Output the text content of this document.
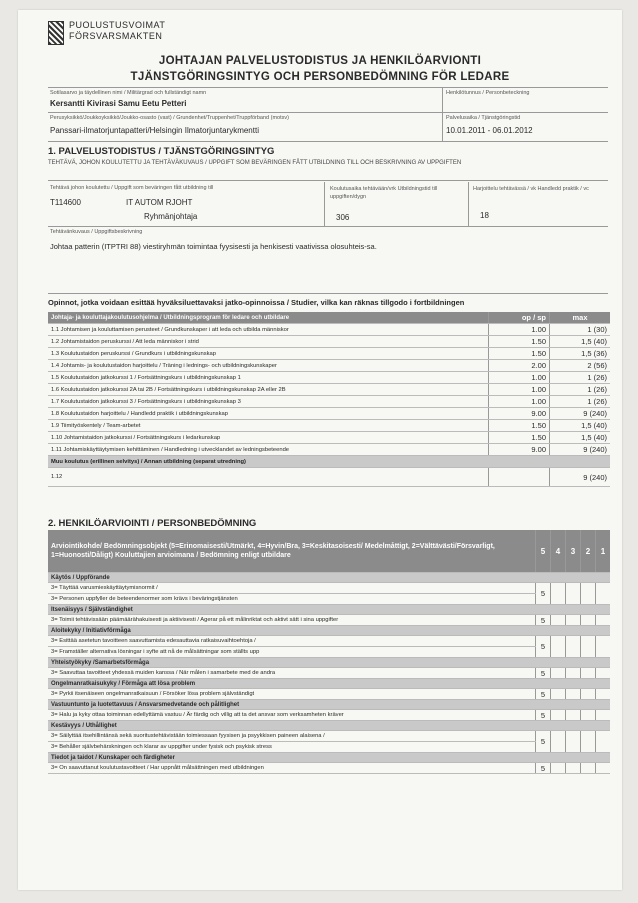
PUOLUSTUSVOIMAT
FÖRSVARSMAKTEN
JOHTAJAN PALVELUSTODISTUS JA HENKILÖARVIONTI
TJÄNSTGÖRINGSINTYG OCH PERSONBEDÖMNING FÖR LEDARE
Sotilasarvo ja täydellinen nimi / Militärgrad och fullständigt namn
Kersantti Kivirasi Samu Eetu Petteri
Henkilötunnus / Personbeteckning
Perusyksikkö/Joukkoyksikkö/Joukko-osasto (vast) / Grundenhet/Truppenhet/Truppförband (motsv)
Panssari-ilmatorjuntapatteri/Helsingin Ilmatorjuntarykmentti
Palvelusaika / Tjänstgöringstid
10.01.2011 - 06.01.2012
1. PALVELUSTODISTUS / TJÄNSTGÖRINGSINTYG
TEHTÄVÄ, JOHON KOULUTETTU JA TEHTÄVÄKUVAUS / UPPGIFT SOM BEVÄRINGEN FÅTT UTBILDNING TILL OCH BESKRIVNING AV UPPGIFTEN
Tehtävä johon koulutettu / Uppgift som beväringen fått utbildning till
T114600	IT AUTOM RJOHT
Ryhmänjohtaja
Koulutusaika tehtävään/vrk Utbildningstid till uppgiften/dygn
306
Harjoittelu tehtävässä / vk Handledd praktik / vc
18
Tehtävänkuvaus / Uppgiftsbeskrivning
Johtaa patterin (ITPTRI 88) viestiryhmän toimintaa fyysisesti ja henkisesti vaativissa olosuhteis-sa.
Opinnot, jotka voidaan esittää hyväksiluettavaksi jatko-opinnoissa / Studier, vilka kan räknas tillgodo i fortbildningen
Johtaja- ja kouluttajakoulutusohjelma / Utbildningsprogram för ledare och utbildare	op / sp	max
1.1 Johtamisen ja kouluttamisen perusteet / Grundkunskaper i att leda och utbilda människor	1.00	1 (30)
1.2 Johtamistaidon peruskurssi / Att leda människor i strid	1.50	1,5 (40)
1.3 Koulutustaidon peruskurssi / Grundkurs i utbildningskunskap	1.50	1,5 (36)
1.4 Johtamis- ja koulutustaidon harjoittelu / Träning i lednings- och utbildningskunskaper	2.00	2 (56)
1.5 Koulutustaidon jatkokurssi 1 / Fortsättningskurs i utbildningskunskap 1	1.00	1 (26)
1.6 Koulutustaidon jatkokurssi 2A tai 2B / Fortsättningskurs i utbildningskunskap 2A eller 2B	1.00	1 (26)
1.7 Koulutustaidon jatkokurssi 3 / Fortsättningskurs i utbildningskunskap 3	1.00	1 (26)
1.8 Koulutustaidon harjoittelu / Handledd praktik i utbildningskunskap	9.00	9 (240)
1.9 Tiimityöskentely / Team-arbetet	1.50	1,5 (40)
1.10 Johtamistaidon jatkokurssi / Fortsättningskurs i ledarkunskap	1.50	1,5 (40)
1.11 Johtamiskäyttäytymisen kehittäminen / Handledning i utvecklandet av ledningsbeteende	9.00	9 (240)
Muu koulutus (erillinen selvitys) / Annan utbildning (separat utredning)		
1.12		9 (240)
2. HENKILÖARVIOINTI / PERSONBEDÖMNING
Arviointikohde/ Bedömningsobjekt (5=Erinomaisesti/Utmärkt, 4=Hyvin/Bra, 3=Keskitasoisesti/ Medelmåttigt, 2=Välttävästi/Försvarligt, 1=Huonosti/Dåligt) Kouluttajien arvioimana / Bedömning enligt utbildare	5	4	3	2	1
Käytös / Uppförande					
3= Täyttää varusmieskäyttäytymisnormit /	5				
3= Personen uppfyller de beteendenormer som krävs i beväringstjänsten					
Itsenäisyys / Självständighet					
3= Toimii tehtävissään päämäärähakuisesti ja aktiivisesti / Agerar på ett målinriktat och aktivt sätt i sina uppgifter	5				
Aloitekyky / Initiativförmåga					
3= Esittää asetetun tavoitteen saavuttamista edesauttavia ratkaisuvaihtoehtoja /	5				
3= Framställer alternativa lösningar i syfte att nå de målsättningar som ställts upp					
Yhteistyökyky /Samarbetsförmåga					
3= Saavuttaa tavoitteet yhdessä muiden kanssa / När målen i samarbete med de andra	5				
Ongelmanratkaisukyky / Förmåga att lösa problem					
3= Pyrkii itsenäiseen ongelmanratkaisuun / Försöker lösa problem självständigt	5				
Vastuuntunto ja luotettavuus / Ansvarsmedvetande och pålitlighet					
3= Halu ja kyky ottaa toiminnan edellyttämä vastuu / Är färdig och villig att ta det ansvar som verksamheten kräver	5				
Kestävyys / Uthållighet					
3= Säilyttää itsehillintänsä sekä suoritustehtävistään toimiessaan fyysisen ja psyykkisen paineen alaisena /	5				
3= Behåller självbehärskningen och klarar av uppgifter under fysisk och psykisk stress					
Tiedot ja taidot / Kunskaper och färdigheter					
3= On saavuttanut koulutustavoitteet / Har uppnått målsättningen med utbildningen	5				
